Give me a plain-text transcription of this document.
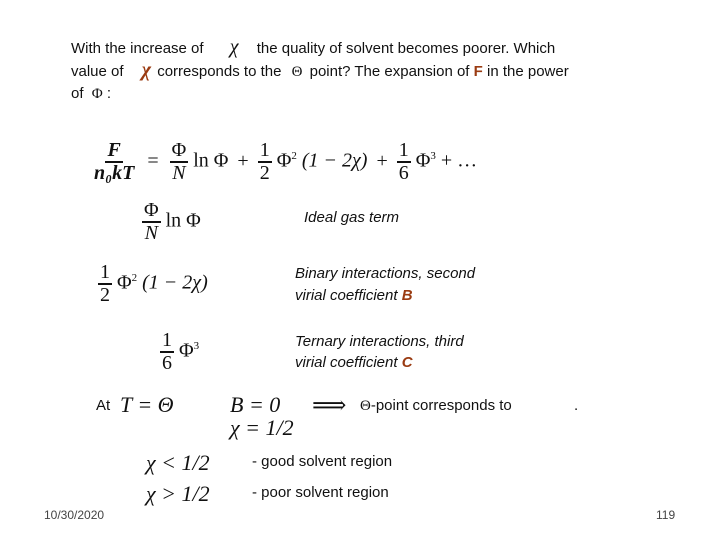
With the increase of χ the quality of solvent becomes poorer. Which
value of χ corresponds to the Θ point? The expansion of F in the power
of Φ :
$\frac{F}{\text{n₀kT}} = \frac{\Phi}{N}$ $\ln \Phi + \frac{1}{2} \Phi^2$ $(1 - 2\chi) + \frac{1}{6} \Phi^3$ + …
$\frac{\Phi}{N}$ ln Φ	Ideal gas term
$\frac{1}{2} \Phi^2$ (1 − 2χ)	Binary interactions, second
virial coefficient B
$\frac{1}{6} \Phi^3$	Ternary interactions, third
virial coefficient C
At T = Θ	B = 0 ⟹ Θ-point corresponds to	.
χ = 1/2
χ < 1/2	- good solvent region
χ > 1/2	- poor solvent region
10/30/2020	119
